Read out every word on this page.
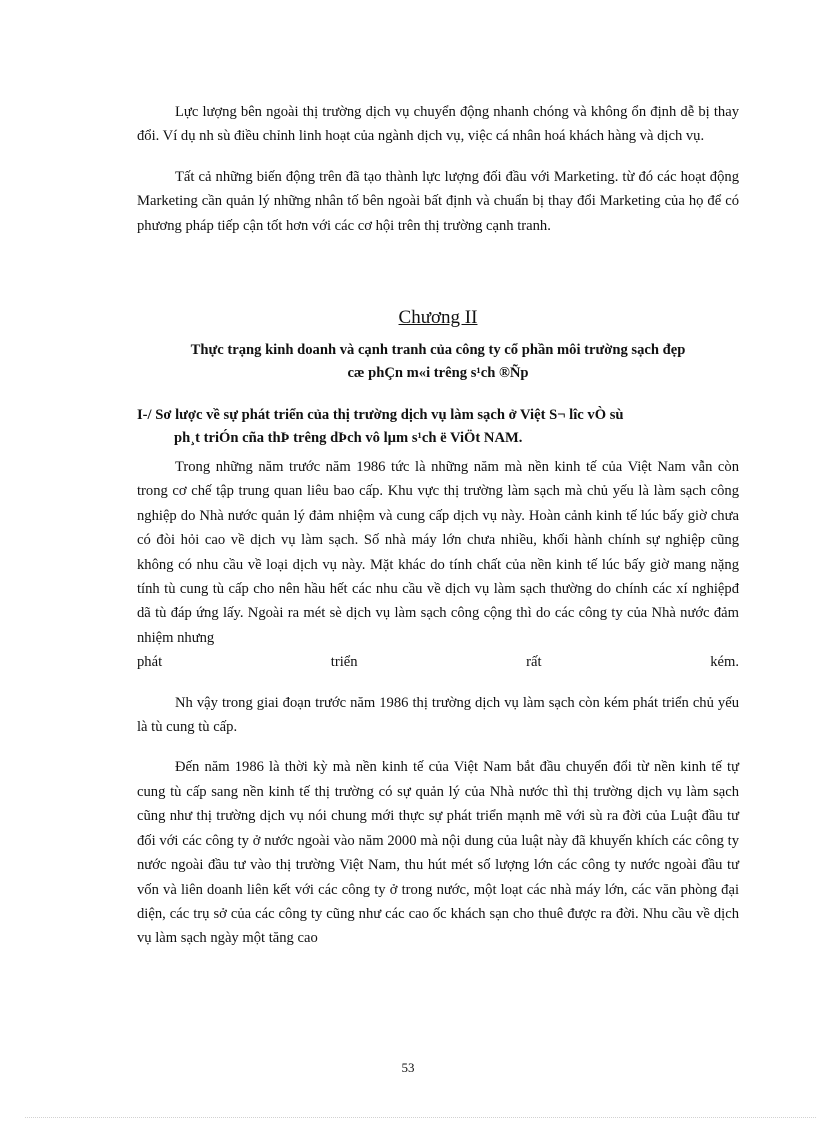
Lực lượng bên ngoài thị trường dịch vụ chuyển động nhanh chóng và không ổn định dễ bị thay đổi. Ví dụ nh sù điều chỉnh linh hoạt của ngành dịch vụ, việc cá nhân hoá khách hàng và dịch vụ.

Tất cả những biến động trên đã tạo thành lực lượng đối đầu với Marketing. từ đó các hoạt động Marketing cần quản lý những nhân tố bên ngoài bất định và chuẩn bị thay đổi Marketing của họ để có phương pháp tiếp cận tốt hơn với các cơ hội trên thị trường cạnh tranh.

Chương II
Thực trạng kinh doanh và cạnh tranh của công ty cổ phần môi trường sạch đẹp
cæ phÇn m«i trêng s¹ch ®Ñp
I-/ Sơ lược về sự phát triển của thị trường dịch vụ làm sạch ở Việt S¬ lîc vÒ sù
ph¸t triÓn cña thÞ trêng dÞch vô lµm s¹ch ë ViÖt NAM.

Trong những năm trước năm 1986 tức là những năm mà nền kinh tế của Việt Nam vẫn còn trong cơ chế tập trung quan liêu bao cấp. Khu vực thị trường làm sạch mà chủ yếu là làm sạch công nghiệp do Nhà nước quản lý đảm nhiệm và cung cấp dịch vụ này. Hoàn cảnh kinh tế lúc bấy giờ chưa có đòi hỏi cao về dịch vụ làm sạch. Số nhà máy lớn chưa nhiều, khối hành chính sự nghiệp cũng không có nhu cầu về loại dịch vụ này. Mặt khác do tính chất của nền kinh tế lúc bấy giờ mang nặng tính tù cung tù cấp cho nên hầu hết các nhu cầu về dịch vụ làm sạch thường do chính các xí nghiệpđ dã tù đáp ứng lấy. Ngoài ra mét sè dịch vụ làm sạch công cộng thì do các công ty của Nhà nước đảm nhiệm nhưng

phát triển rất kém.

Nh vậy trong giai đoạn trước năm 1986 thị trường dịch vụ làm sạch còn kém phát triển chủ yếu là tù cung tù cấp.

Đến năm 1986 là thời kỳ mà nền kinh tế của Việt Nam bắt đầu chuyển đổi từ nền kinh tế tự cung tù cấp sang nền kinh tế thị trường có sự quản lý của Nhà nước thì thị trường dịch vụ làm sạch cũng như thị trường dịch vụ nói chung mới thực sự phát triển mạnh mẽ với sù ra đời của Luật đầu tư đối với các công ty ở nước ngoài vào năm 2000 mà nội dung của luật này đã khuyến khích các công ty nước ngoài đầu tư vào thị trường Việt Nam, thu hút mét số lượng lớn các công ty nước ngoài đầu tư vốn và liên doanh liên kết với các công ty ở trong nước, một loạt các nhà máy lớn, các văn phòng đại diện, các trụ sở của các công ty cũng như các cao ốc khách sạn cho thuê được ra đời. Nhu cầu về dịch vụ làm sạch ngày một tăng cao

53
